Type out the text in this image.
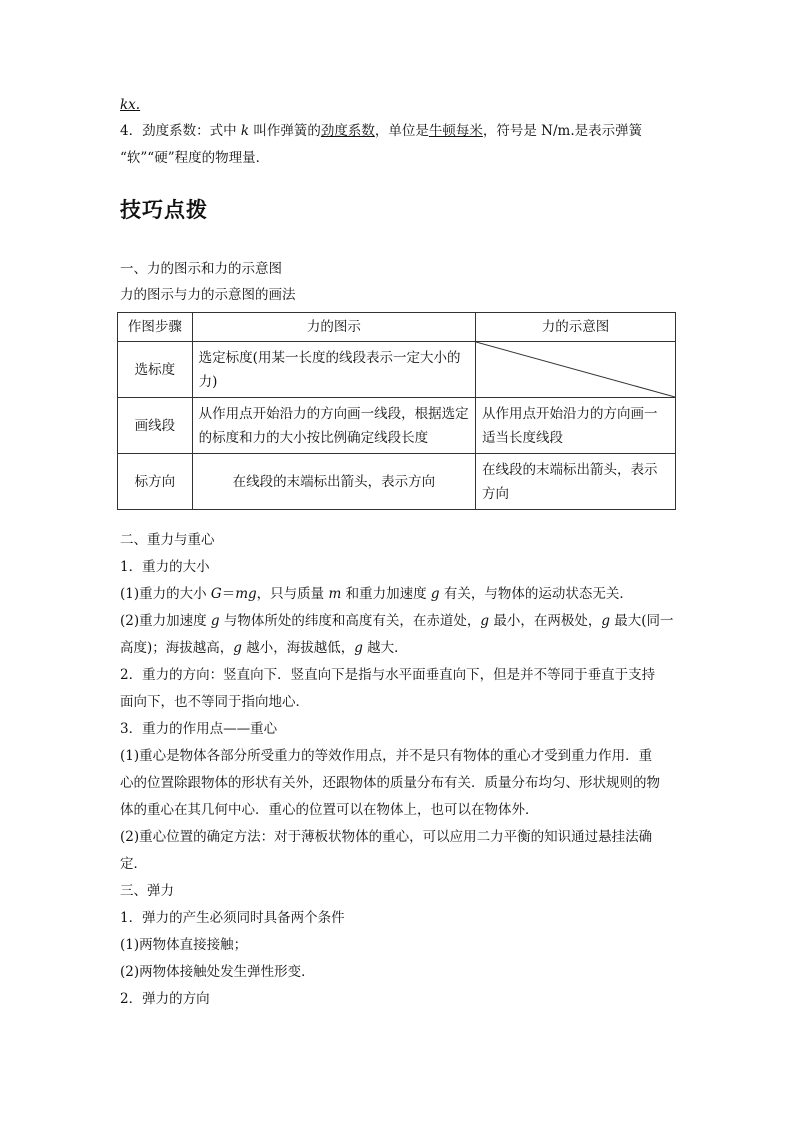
kx.
4．劲度系数：式中 k 叫作弹簧的劲度系数，单位是牛顿每米，符号是 N/m.是表示弹簧
“软”“硬”程度的物理量．
技巧点拨
一、力的图示和力的示意图
力的图示与力的示意图的画法
作图步骤	力的图示	力的示意图
选标度	选定标度(用某一长度的线段表示一定大小的力)	

画线段	从作用点开始沿力的方向画一线段，根据选定的标度和力的大小按比例确定线段长度	从作用点开始沿力的方向画一适当长度线段
标方向	在线段的末端标出箭头，表示方向	在线段的末端标出箭头，表示方向
二、重力与重心
1．重力的大小
(1)重力的大小 G＝mg，只与质量 m 和重力加速度 g 有关，与物体的运动状态无关．
(2)重力加速度 g 与物体所处的纬度和高度有关，在赤道处，g 最小，在两极处，g 最大(同一
高度)；海拔越高，g 越小，海拔越低，g 越大．
2．重力的方向：竖直向下．竖直向下是指与水平面垂直向下，但是并不等同于垂直于支持
面向下，也不等同于指向地心．
3．重力的作用点——重心
(1)重心是物体各部分所受重力的等效作用点，并不是只有物体的重心才受到重力作用．重
心的位置除跟物体的形状有关外，还跟物体的质量分布有关．质量分布均匀、形状规则的物
体的重心在其几何中心．重心的位置可以在物体上，也可以在物体外．
(2)重心位置的确定方法：对于薄板状物体的重心，可以应用二力平衡的知识通过悬挂法确
定．
三、弹力
1．弹力的产生必须同时具备两个条件
(1)两物体直接接触；
(2)两物体接触处发生弹性形变．
2．弹力的方向
